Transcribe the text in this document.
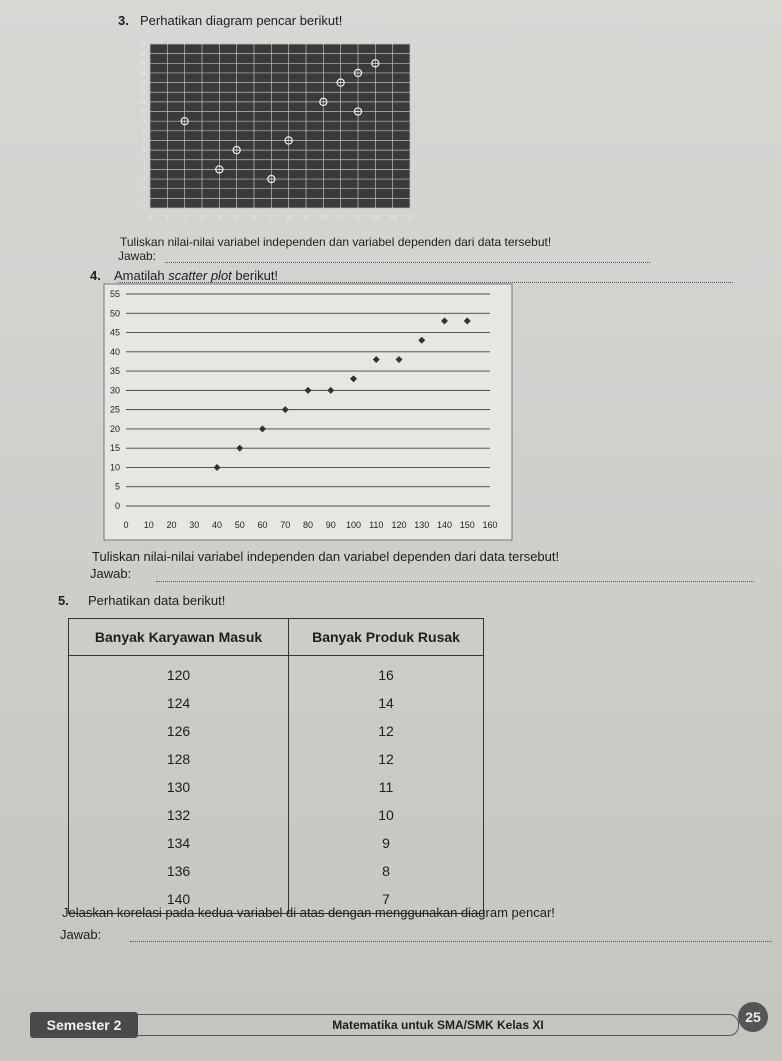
3. Perhatikan diagram pencar berikut!
0
1
2
3
4
5
6
7
8
9
10
11
12
13
14
15
16
17
0 1 2 3 4 5 6 7 8 9 10 11 12 13 14 15
Tuliskan nilai-nilai variabel independen dan variabel dependen dari data tersebut!
Jawab:
4. Amatilah scatter plot berikut!
0
5
10
15
20
25
30
35
40
45
50
55
0 10 20 30 40 50 60 70 80 90 100 110 120 130 140 150 160
Tuliskan nilai-nilai variabel independen dan variabel dependen dari data tersebut!
Jawab:
5. Perhatikan data berikut!
Banyak Karyawan Masuk	Banyak Produk Rusak
120	16
124	14
126	12
128	12
130	11
132	10
134	9
136	8
140	7
Jelaskan korelasi pada kedua variabel di atas dengan menggunakan diagram pencar!
Jawab:
Semester 2	Matematika untuk SMA/SMK Kelas XI	25
